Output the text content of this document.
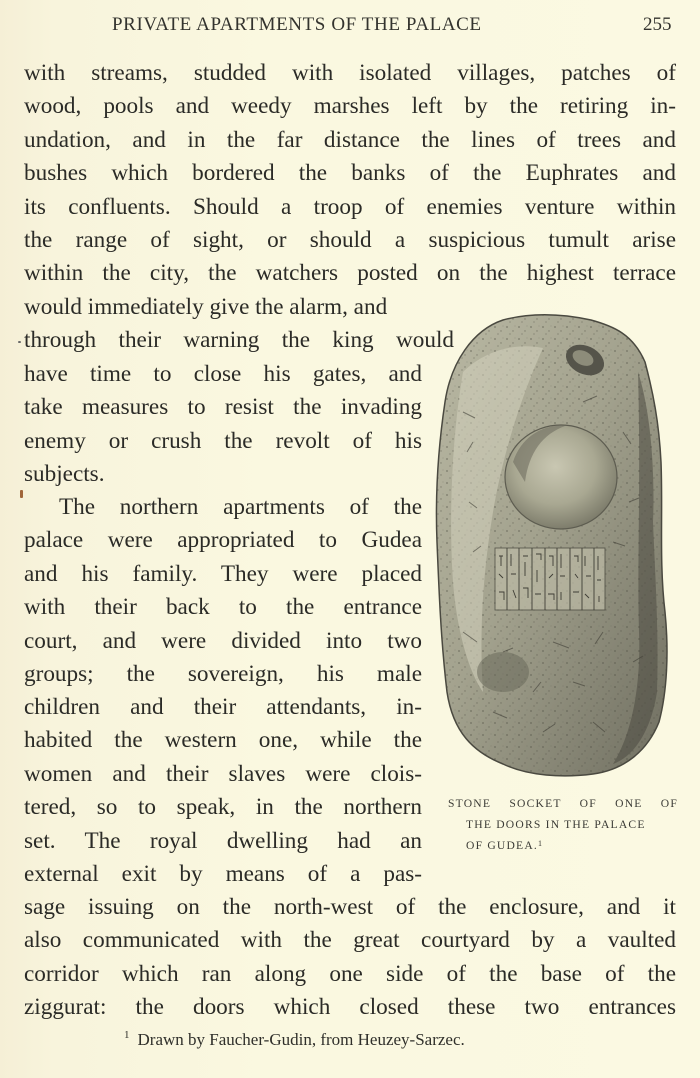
PRIVATE APARTMENTS OF THE PALACE	255
with streams, studded with isolated villages, patches of
wood, pools and weedy marshes left by the retiring in-
undation, and in the far distance the lines of trees and
bushes which bordered the banks of the Euphrates and
its confluents. Should a troop of enemies venture within
the range of sight, or should a suspicious tumult arise
within the city, the watchers posted on the highest terrace
would immediately give the alarm, and
through their warning the king would
have time to close his gates, and
take measures to resist the invading
enemy or crush the revolt of his
subjects.
The northern apartments of the
palace were appropriated to Gudea
and his family. They were placed
with their back to the entrance
court, and were divided into two
groups; the sovereign, his male
children and their attendants, in-
habited the western one, while the
women and their slaves were clois-
tered, so to speak, in the northern
set. The royal dwelling had an
external exit by means of a pas-
sage issuing on the north-west of the enclosure, and it
also communicated with the great courtyard by a vaulted
corridor which ran along one side of the base of the
ziggurat: the doors which closed these two entrances
STONE SOCKET OF ONE OF
THE DOORS IN THE PALACE
OF GUDEA.$^1$
$^1$ Drawn by Faucher-Gudin, from Heuzey-Sarzec.
